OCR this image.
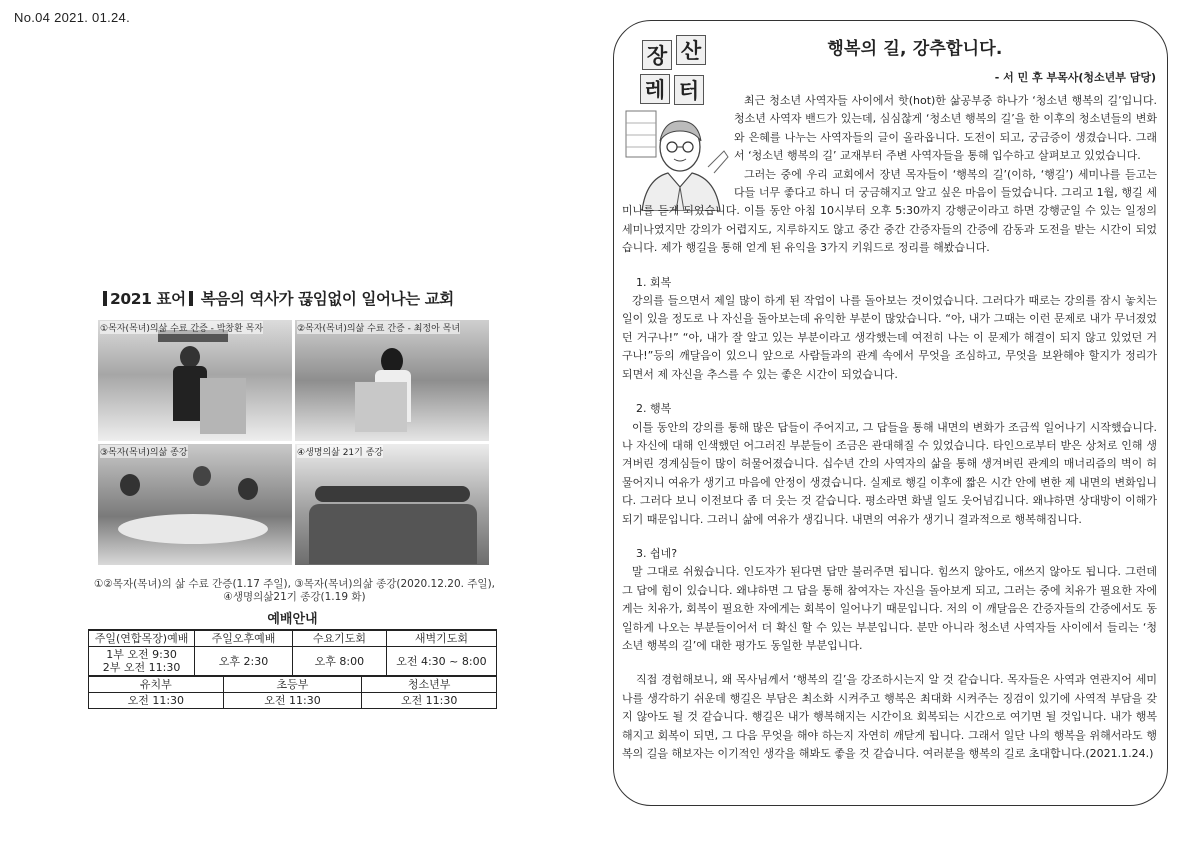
No.04 2021. 01.24.
2021 표어 복음의 역사가 끊임없이 일어나는 교회
①목자(목녀)의삶 수료 간증 - 박창환 목자	②목자(목녀)의삶 수료 간증 - 최정아 목녀
③목자(목녀)의삶 종강	④생명의삶 21기 종강
①②목자(목녀)의 삶 수료 간증(1.17 주일), ③목자(목녀)의삶 종강(2020.12.20. 주일),
④생명의삶21기 종강(1.19 화)
예배안내
주일(연합목장)예배	주일오후예배	수요기도회	새벽기도회

1부 오전 9:30
2부 오전 11:30	오후 2:30	오후 8:00	오전 4:30 ~ 8:00
유치부	초등부	청소년부
오전 11:30	오전 11:30	오전 11:30
장 산
레 터
행복의 길, 강추합니다.
- 서 민 후 부목사(청소년부 담당)

최근 청소년 사역자들 사이에서 핫(hot)한 삶공부중 하나가 ‘청소년 행복의 길’입니다. 청소년 사역자 밴드가 있는데, 심심찮게 ‘청소년 행복의 길’을 한 이후의 청소년들의 변화와 은혜를 나누는 사역자들의 글이 올라옵니다. 도전이 되고, 궁금증이 생겼습니다. 그래서 ‘청소년 행복의 길’ 교재부터 주변 사역자들을 통해 입수하고 살펴보고 있었습니다.

그러는 중에 우리 교회에서 장년 목자들이 ‘행복의 길’(이하, ‘행길’) 세미나를 듣고는 다들 너무 좋다고 하니 더 궁금해지고 알고 싶은 마음이 들었습니다. 그리고 1월, 행길 세미나를 듣게 되었습니다. 이틀 동안 아침 10시부터 오후 5:30까지 강행군이라고 하면 강행군일 수 있는 일정의 세미나였지만 강의가 어렵지도, 지루하지도 않고 중간 중간 간증자들의 간증에 감동과 도전을 받는 시간이 되었습니다. 제가 행길을 통해 얻게 된 유익을 3가지 키워드로 정리를 해봤습니다.

1. 회복

강의를 들으면서 제일 많이 하게 된 작업이 나를 돌아보는 것이었습니다. 그러다가 때로는 강의를 잠시 놓치는 일이 있을 정도로 나 자신을 돌아보는데 유익한 부분이 많았습니다. “아, 내가 그때는 이런 문제로 내가 무너졌었던 거구나!” “아, 내가 잘 알고 있는 부분이라고 생각했는데 여전히 나는 이 문제가 해결이 되지 않고 있었던 거구나!”등의 깨달음이 있으니 앞으로 사람들과의 관계 속에서 무엇을 조심하고, 무엇을 보완해야 할지가 정리가 되면서 제 자신을 추스를 수 있는 좋은 시간이 되었습니다.

2. 행복

이틀 동안의 강의를 통해 많은 답들이 주어지고, 그 답들을 통해 내면의 변화가 조금씩 일어나기 시작했습니다. 나 자신에 대해 인색했던 어그러진 부분들이 조금은 관대해질 수 있었습니다. 타인으로부터 받은 상처로 인해 생겨버린 경계심들이 많이 허물어졌습니다. 십수년 간의 사역자의 삶을 통해 생겨버린 관계의 매너리즘의 벽이 허물어지니 여유가 생기고 마음에 안정이 생겼습니다. 실제로 행길 이후에 짧은 시간 안에 변한 제 내면의 변화입니다. 그러다 보니 이전보다 좀 더 웃는 것 같습니다. 평소라면 화낼 일도 웃어넘깁니다. 왜냐하면 상대방이 이해가 되기 때문입니다. 그러니 삶에 여유가 생깁니다. 내면의 여유가 생기니 결과적으로 행복해집니다.

3. 쉽네?

말 그대로 쉬웠습니다. 인도자가 된다면 답만 불러주면 됩니다. 힘쓰지 않아도, 애쓰지 않아도 됩니다. 그런데 그 답에 힘이 있습니다. 왜냐하면 그 답을 통해 참여자는 자신을 돌아보게 되고, 그러는 중에 치유가 필요한 자에게는 치유가, 회복이 필요한 자에게는 회복이 일어나기 때문입니다. 저의 이 깨달음은 간증자들의 간증에서도 동일하게 나오는 부분들이어서 더 확신 할 수 있는 부분입니다. 분만 아니라 청소년 사역자들 사이에서 들리는 ‘청소년 행복의 길’에 대한 평가도 동일한 부분입니다.

직접 경험해보니, 왜 목사님께서 ‘행복의 길’을 강조하시는지 알 것 같습니다. 목자들은 사역과 연관지어 세미나를 생각하기 쉬운데 행길은 부담은 최소화 시켜주고 행복은 최대화 시켜주는 징검이 있기에 사역적 부담을 갖지 않아도 될 것 같습니다. 행길은 내가 행복해지는 시간이요 회복되는 시간으로 여기면 될 것입니다. 내가 행복해지고 회복이 되면, 그 다음 무엇을 해야 하는지 자연히 깨닫게 됩니다. 그래서 일단 나의 행복을 위해서라도 행복의 길을 해보자는 이기적인 생각을 해봐도 좋을 것 같습니다. 여러분을 행복의 길로 초대합니다.(2021.1.24.)
